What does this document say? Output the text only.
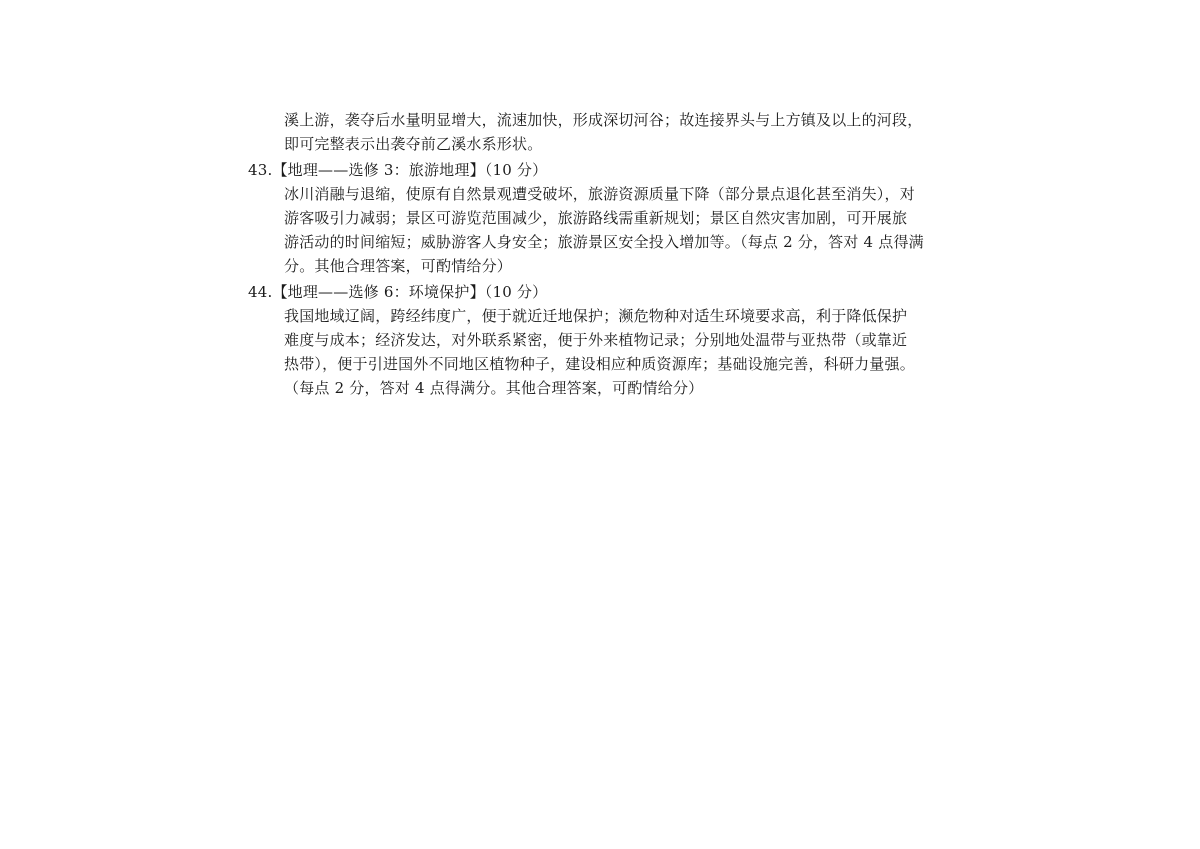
溪上游，袭夺后水量明显增大，流速加快，形成深切河谷；故连接界头与上方镇及以上的河段，
即可完整表示出袭夺前乙溪水系形状。
43.【地理——选修 3：旅游地理】（10 分）
冰川消融与退缩，使原有自然景观遭受破坏，旅游资源质量下降（部分景点退化甚至消失），对
游客吸引力减弱；景区可游览范围减少，旅游路线需重新规划；景区自然灾害加剧，可开展旅
游活动的时间缩短；威胁游客人身安全；旅游景区安全投入增加等。（每点 2 分，答对 4 点得满
分。其他合理答案，可酌情给分）
44.【地理——选修 6：环境保护】（10 分）
我国地域辽阔，跨经纬度广，便于就近迁地保护；濒危物种对适生环境要求高，利于降低保护
难度与成本；经济发达，对外联系紧密，便于外来植物记录；分别地处温带与亚热带（或靠近
热带），便于引进国外不同地区植物种子，建设相应种质资源库；基础设施完善，科研力量强。
（每点 2 分，答对 4 点得满分。其他合理答案，可酌情给分）
